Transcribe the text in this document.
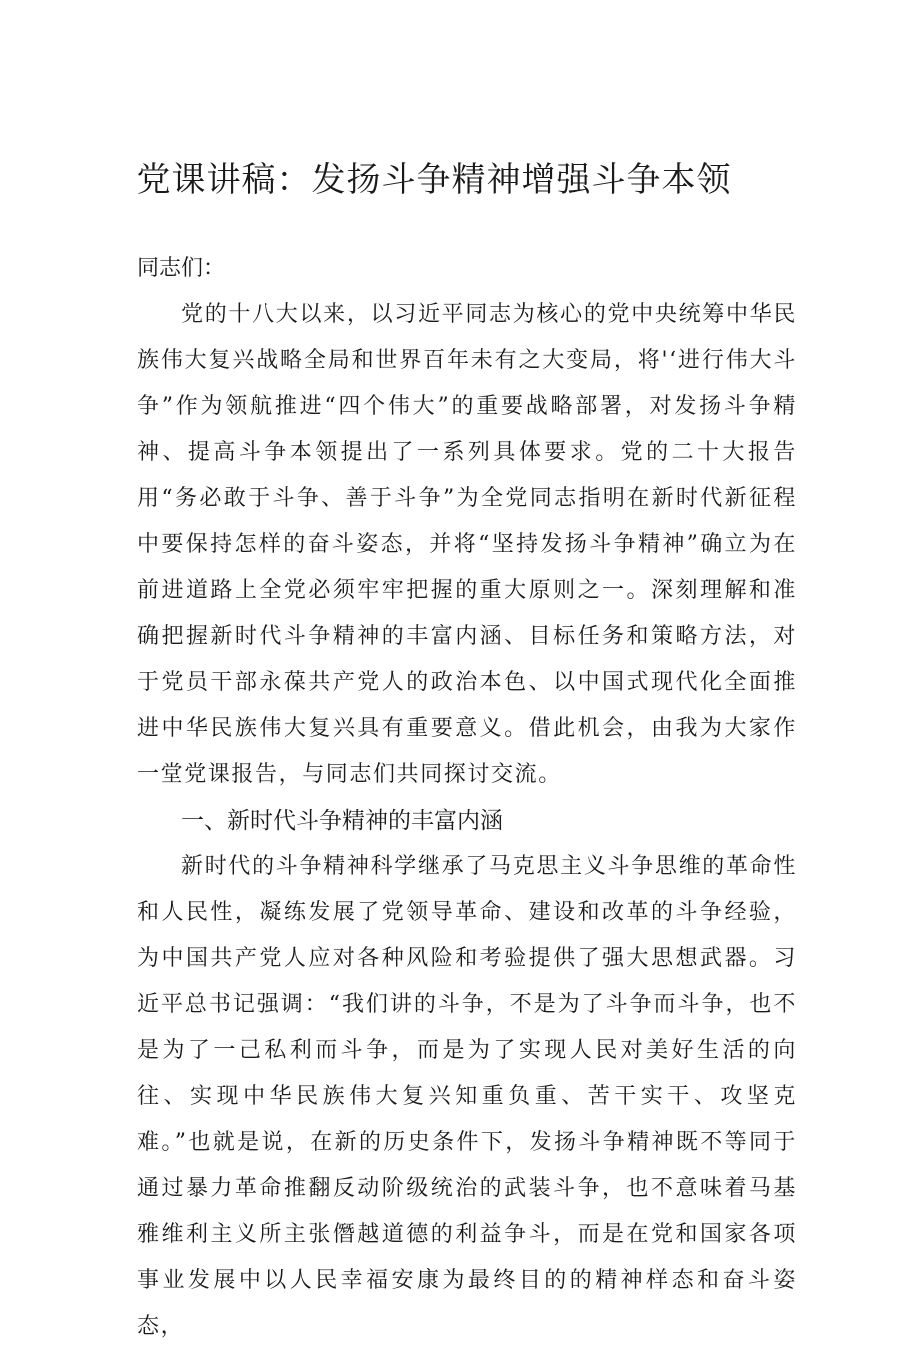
党课讲稿：发扬斗争精神增强斗争本领

同志们：

党的十八大以来，以习近平同志为核心的党中央统筹中华民族伟大复兴战略全局和世界百年未有之大变局，将'‘进行伟大斗争”作为领航推进“四个伟大”的重要战略部署，对发扬斗争精神、提高斗争本领提出了一系列具体要求。党的二十大报告用“务必敢于斗争、善于斗争”为全党同志指明在新时代新征程中要保持怎样的奋斗姿态，并将“坚持发扬斗争精神”确立为在前进道路上全党必须牢牢把握的重大原则之一。深刻理解和准确把握新时代斗争精神的丰富内涵、目标任务和策略方法，对于党员干部永葆共产党人的政治本色、以中国式现代化全面推进中华民族伟大复兴具有重要意义。借此机会，由我为大家作一堂党课报告，与同志们共同探讨交流。

一、新时代斗争精神的丰富内涵

新时代的斗争精神科学继承了马克思主义斗争思维的革命性和人民性，凝练发展了党领导革命、建设和改革的斗争经验，为中国共产党人应对各种风险和考验提供了强大思想武器。习近平总书记强调：“我们讲的斗争，不是为了斗争而斗争，也不是为了一己私利而斗争，而是为了实现人民对美好生活的向往、实现中华民族伟大复兴知重负重、苦干实干、攻坚克难。”也就是说，在新的历史条件下，发扬斗争精神既不等同于通过暴力革命推翻反动阶级统治的武装斗争，也不意味着马基雅维利主义所主张僭越道德的利益争斗，而是在党和国家各项事业发展中以人民幸福安康为最终目的的精神样态和奋斗姿态，
